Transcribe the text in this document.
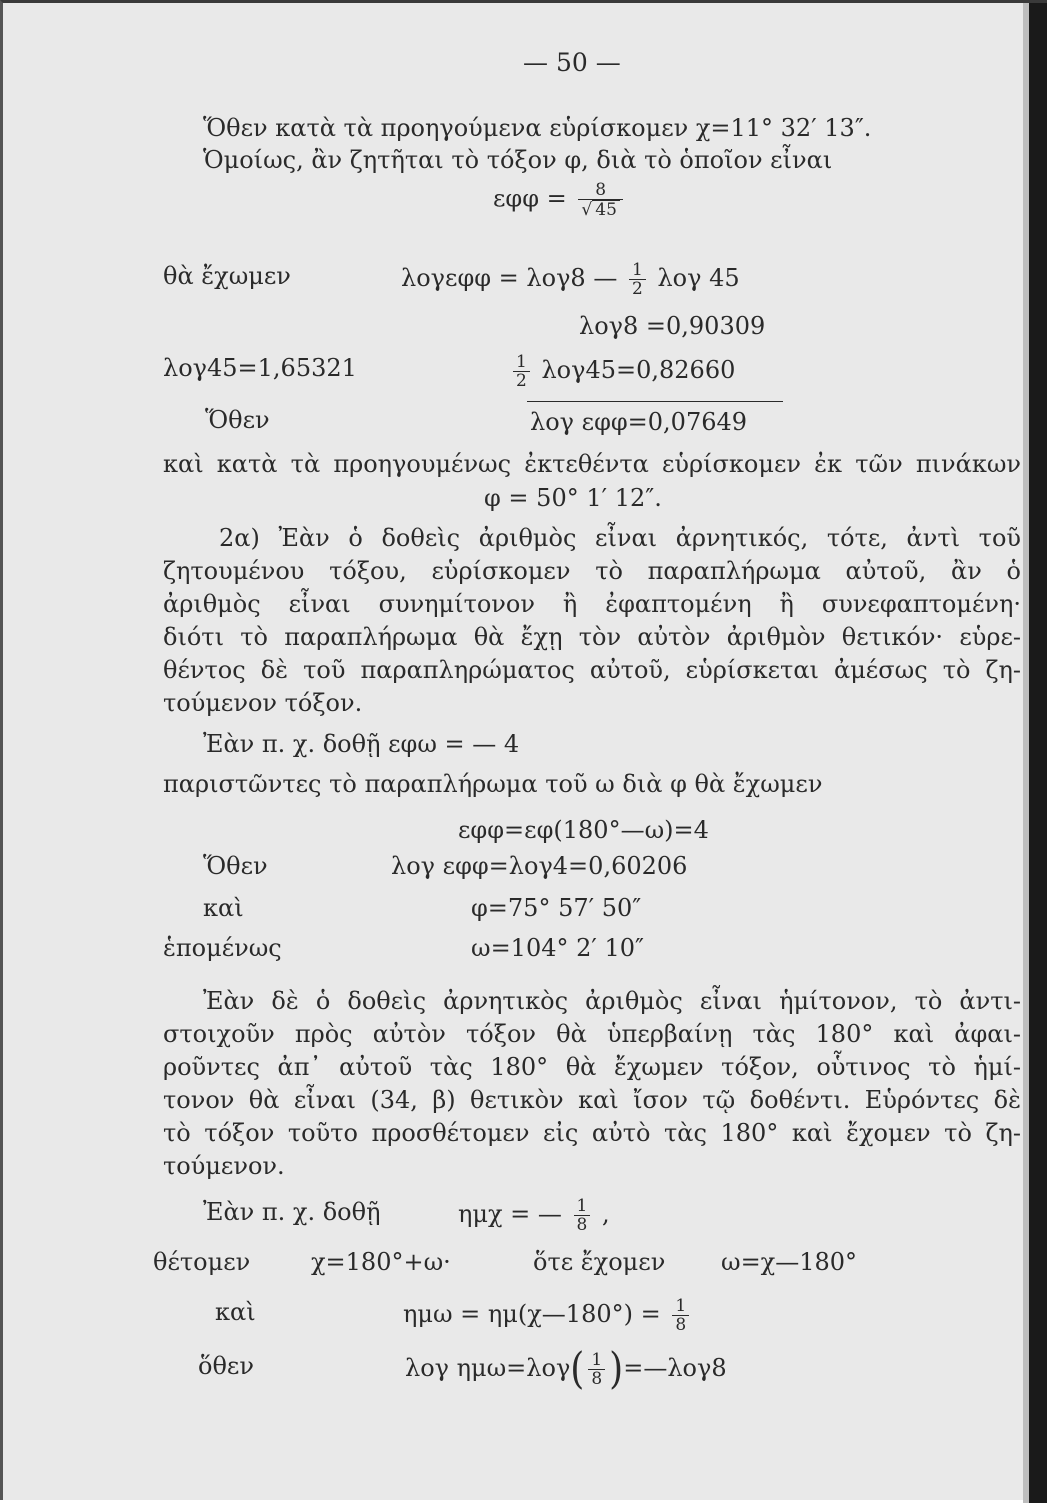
— 50 —
Ὅθεν κατὰ τὰ προηγούμενα εὑρίσκομεν χ=11° 32′ 13″.
Ὁμοίως, ἂν ζητῆται τὸ τόξον φ, διὰ τὸ ὁποῖον εἶναι
$\varepsilon\varphi\varphi = \frac{8}{√ 45}$
θὰ ἔχωμεν	λογεφφ = λογ8 — $\frac{1}{2}$ λογ 45
λογ8 =0,90309
λογ45=1,65321	$\frac{1}{2} \lambda o\gamma 45=0,82660$
Ὅθεν	λογ εφφ=0,07649
καὶ κατὰ τὰ προηγουμένως ἐκτεθέντα εὑρίσκομεν ἐκ τῶν πινάκων
φ = 50° 1′ 12″.
2α) Ἐὰν ὁ δοθεὶς ἀριθμὸς εἶναι ἀρνητικός, τότε, ἀντὶ τοῦ
ζητουμένου τόξου, εὑρίσκομεν τὸ παραπλήρωμα αὐτοῦ, ἂν ὁ
ἀριθμὸς εἶναι συνημίτονον ἢ ἐφαπτομένη ἢ συνεφαπτομένη·
διότι τὸ παραπλήρωμα θὰ ἔχῃ τὸν αὐτὸν ἀριθμὸν θετικόν· εὑρε-
θέντος δὲ τοῦ παραπληρώματος αὐτοῦ, εὑρίσκεται ἀμέσως τὸ ζη-
τούμενον τόξον.
Ἐὰν π. χ. δοθῇ εφω = — 4
παριστῶντες τὸ παραπλήρωμα τοῦ ω διὰ φ θὰ ἔχωμεν
εφφ=εφ(180°—ω)=4
Ὅθεν	λογ εφφ=λογ4=0,60206
καὶ	φ=75° 57′ 50″
ἑπομένως	ω=104° 2′ 10″
Ἐὰν δὲ ὁ δοθεὶς ἀρνητικὸς ἀριθμὸς εἶναι ἡμίτονον, τὸ ἀντι-
στοιχοῦν πρὸς αὐτὸν τόξον θὰ ὑπερβαίνῃ τὰς 180° καὶ ἀφαι-
ροῦντες ἀπ᾿ αὐτοῦ τὰς 180° θὰ ἔχωμεν τόξον, οὗτινος τὸ ἡμί-
τονον θὰ εἶναι (34, β) θετικὸν καὶ ἴσον τῷ δοθέντι. Εὑρόντες δὲ
τὸ τόξον τοῦτο προσθέτομεν εἰς αὐτὸ τὰς 180° καὶ ἔχομεν τὸ ζη-
τούμενον.
Ἐὰν π. χ. δοθῇ	ημχ = — $\frac{1}{8}$ ,
θέτομεν	χ=180°+ω·	ὅτε ἔχομεν ω=χ—180°
καὶ	ημω = ημ(χ—180°) = $\frac{1}{8}$
ὅθεν	λογ $\eta\mu\omega=\lambda o\gamma( \frac{1}{8}$ )=—λογ8
